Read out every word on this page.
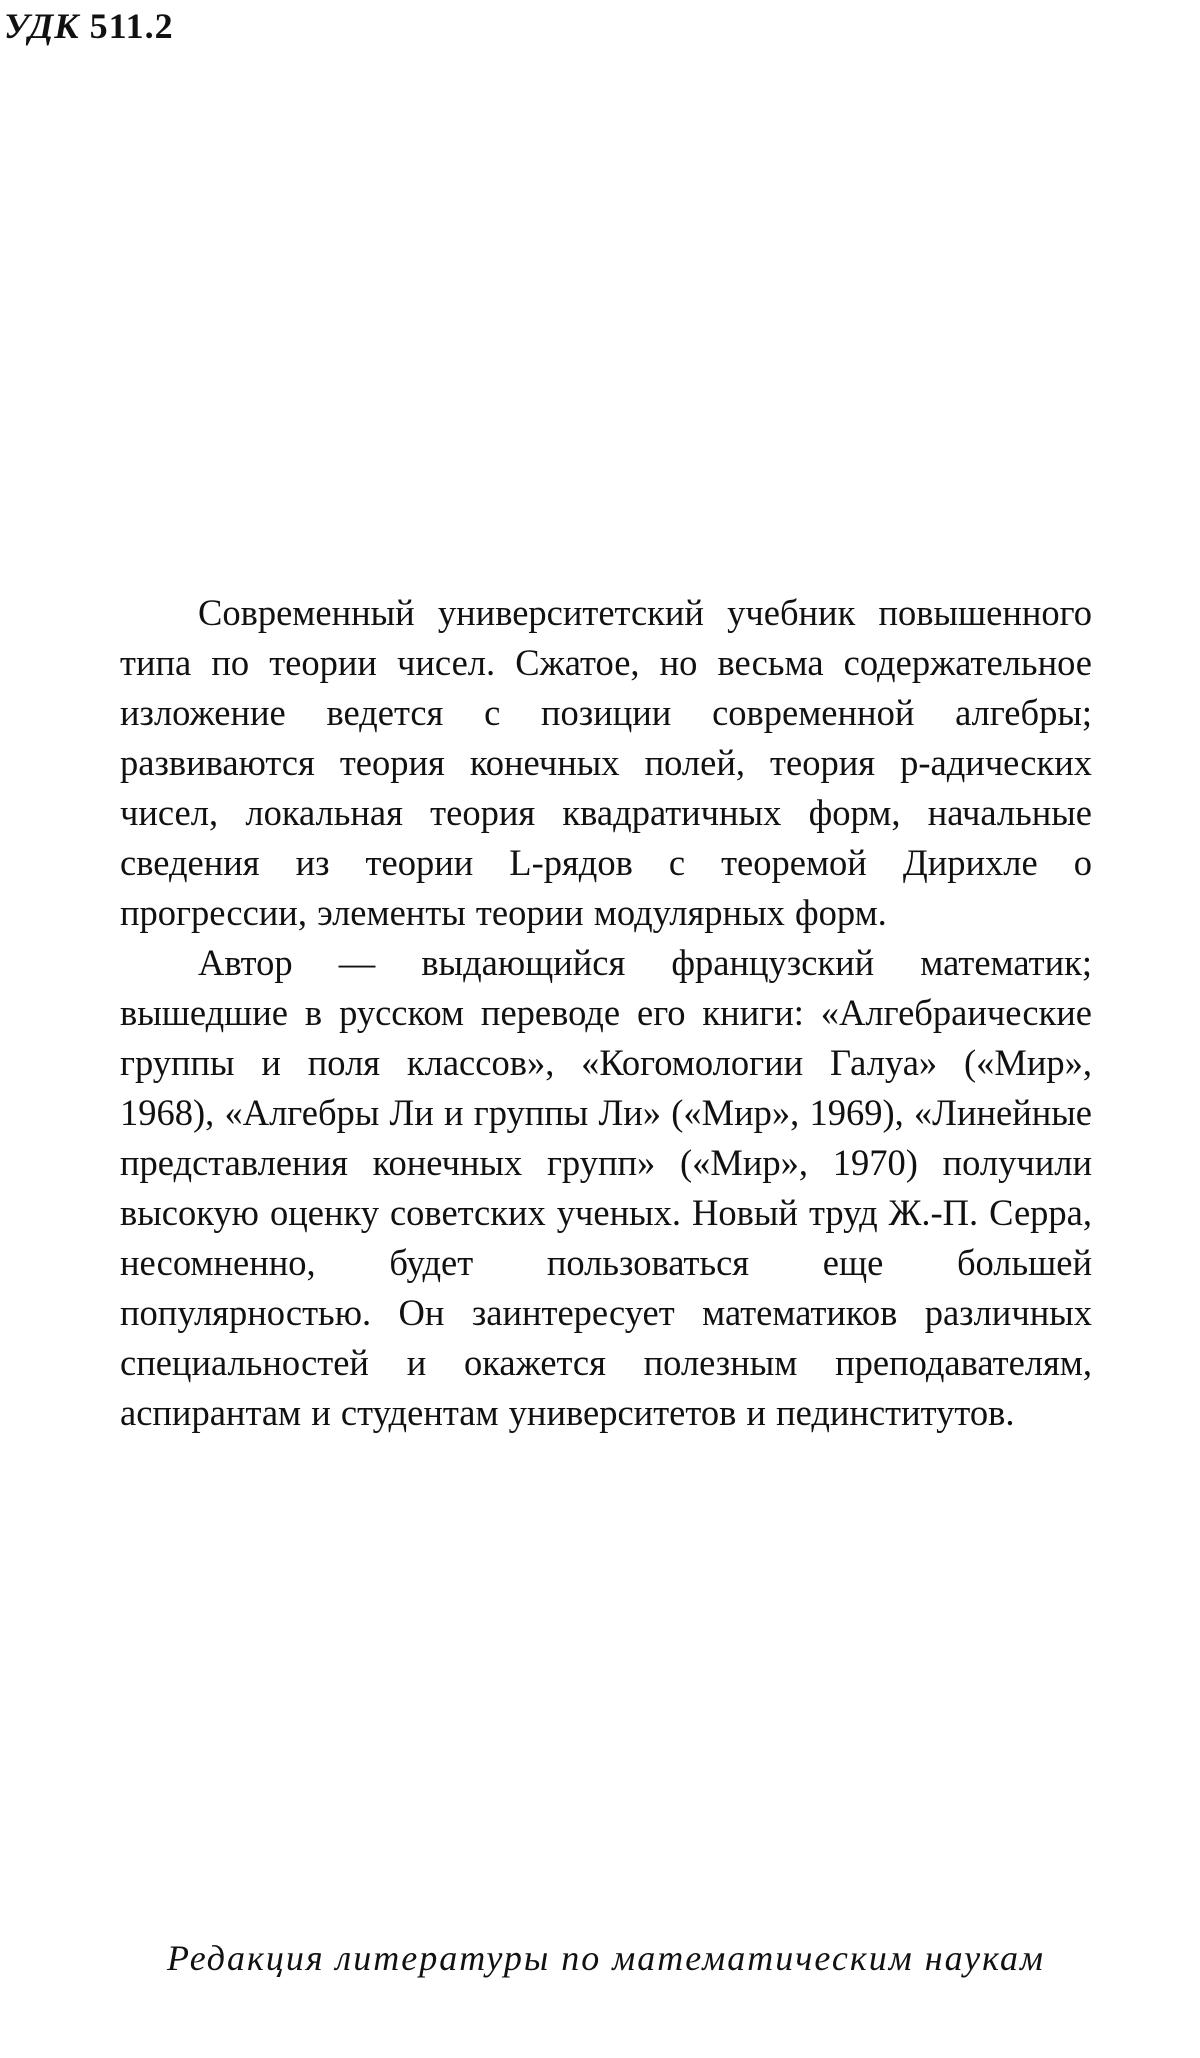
УДК 511.2

Современный университетский учебник повышенного типа по теории чисел. Сжатое, но весьма содержательное изложение ведется с позиции современной алгебры; развиваются теория конечных полей, теория p-адических чисел, локальная теория квадратичных форм, начальные сведения из теории L-рядов с теоремой Дирихле о прогрессии, элементы теории модулярных форм.

Автор — выдающийся французский математик; вышедшие в русском переводе его книги: «Алгебраические группы и поля классов», «Когомологии Галуа» («Мир», 1968), «Алгебры Ли и группы Ли» («Мир», 1969), «Линейные представления конечных групп» («Мир», 1970) получили высокую оценку советских ученых. Новый труд Ж.-П. Серра, несомненно, будет пользоваться еще большей популярностью. Он заинтересует математиков различных специальностей и окажется полезным преподавателям, аспирантам и студентам университетов и пединститутов.

Редакция литературы по математическим наукам
